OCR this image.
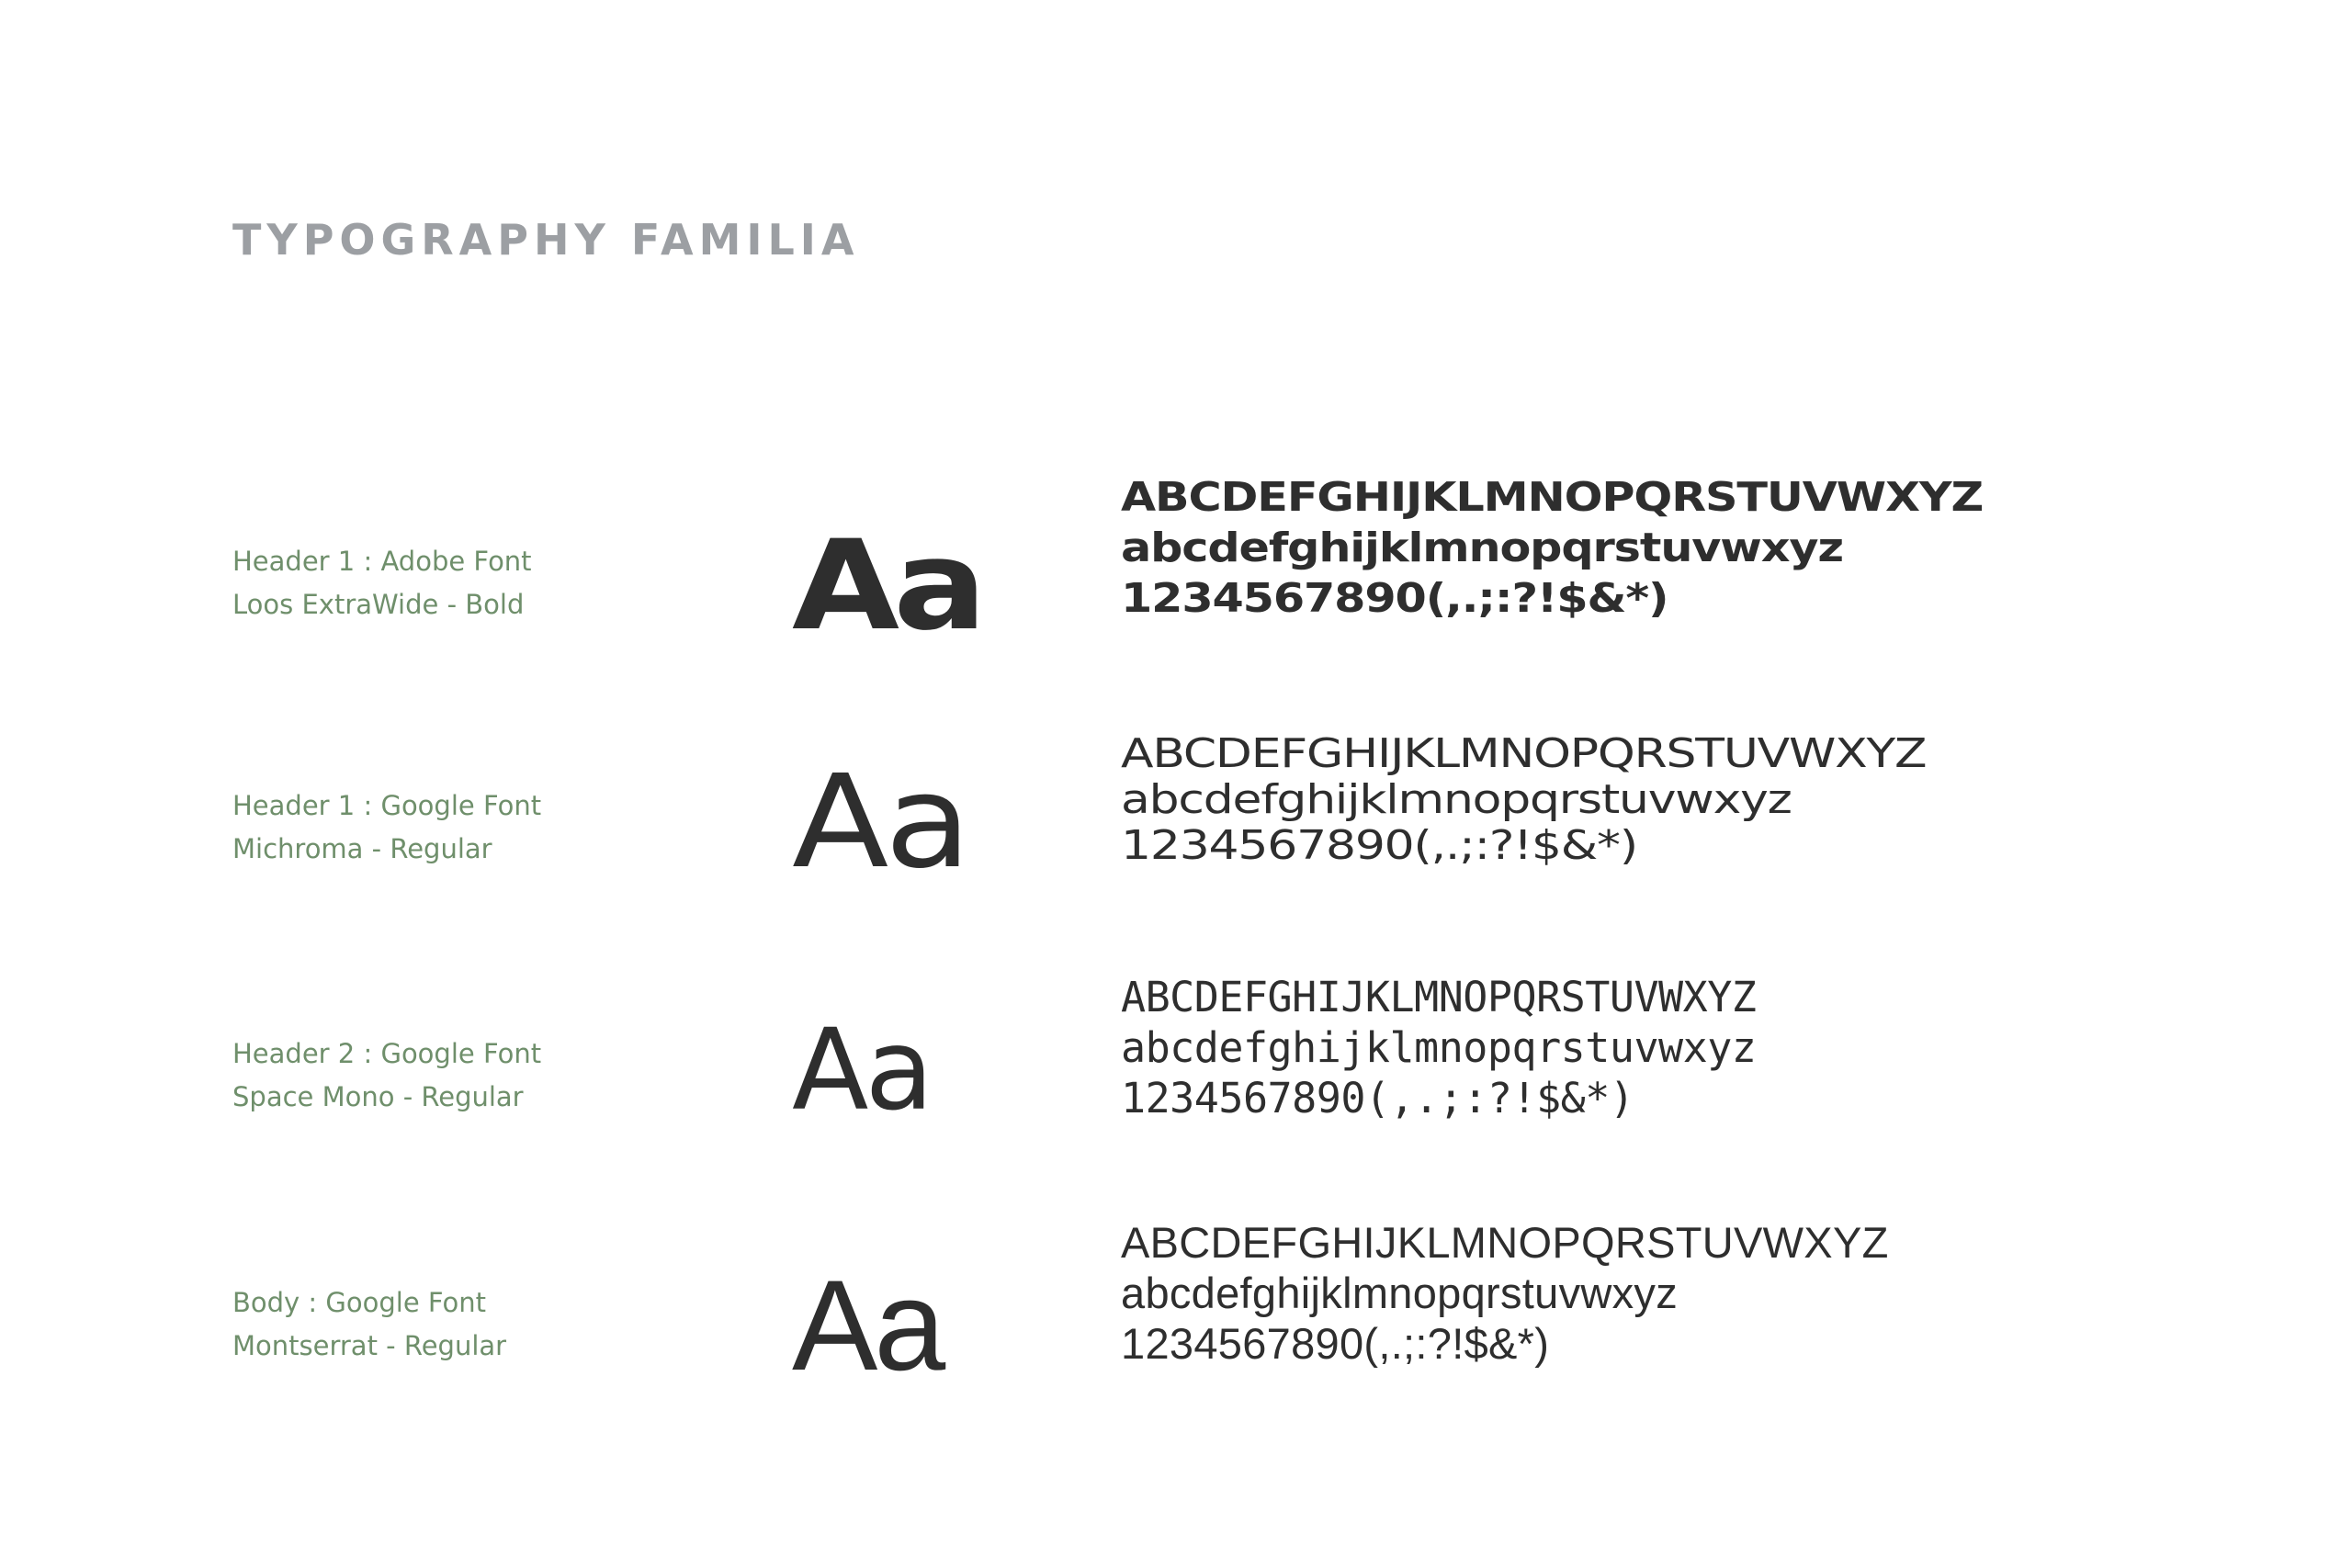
TYPOGRAPHY FAMILIA
Header 1 : Adobe Font
Loos ExtraWide - Bold Aa
ABCDEFGHIJKLMNOPQRSTUVWXYZ
abcdefghijklmnopqrstuvwxyz
1234567890(,.;:?!$&*)
Header 1 : Google Font
Michroma - Regular	Aa	ABCDEFGHIJKLMNOPQRSTUVWXYZ
abcdefghijklmnopqrstuvwxyz
1234567890(,.;:?!$&*)
Header 2 : Google Font
Space Mono - Regular Aa
ABCDEFGHIJKLMNOPQRSTUVWXYZ
abcdefghijklmnopqrstuvwxyz
1234567890(,.;:?!$&*)
Body : Google Font
Montserrat - Regular Aa
ABCDEFGHIJKLMNOPQRSTUVWXYZ
abcdefghijklmnopqrstuvwxyz
1234567890(,.;:?!$&*)
